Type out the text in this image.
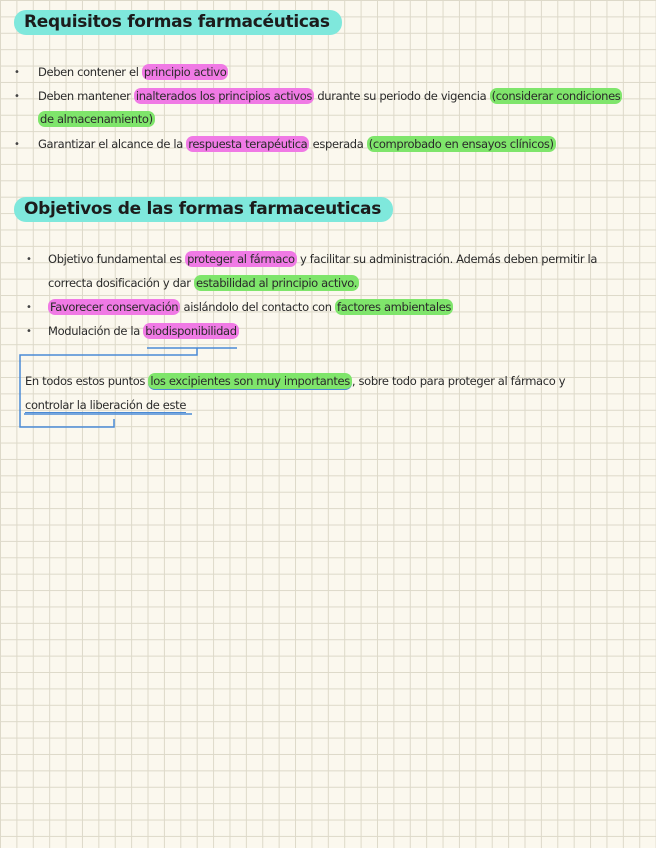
Requisitos formas farmacéuticas
• Deben contener el principio activo
• Deben mantener inalterados los principios activos durante su periodo de vigencia (considerar condiciones
de almacenamiento)
• Garantizar el alcance de la respuesta terapéutica esperada (comprobado en ensayos clínicos)
Objetivos de las formas farmaceuticas
• Objetivo fundamental es proteger al fármaco y facilitar su administración. Además deben permitir la
correcta dosificación y dar estabilidad al principio activo.
• Favorecer conservación aislándolo del contacto con factores ambientales
• Modulación de la biodisponibilidad
En todos estos puntos los excipientes son muy importantes , sobre todo para proteger al fármaco y
controlar la liberación de este
